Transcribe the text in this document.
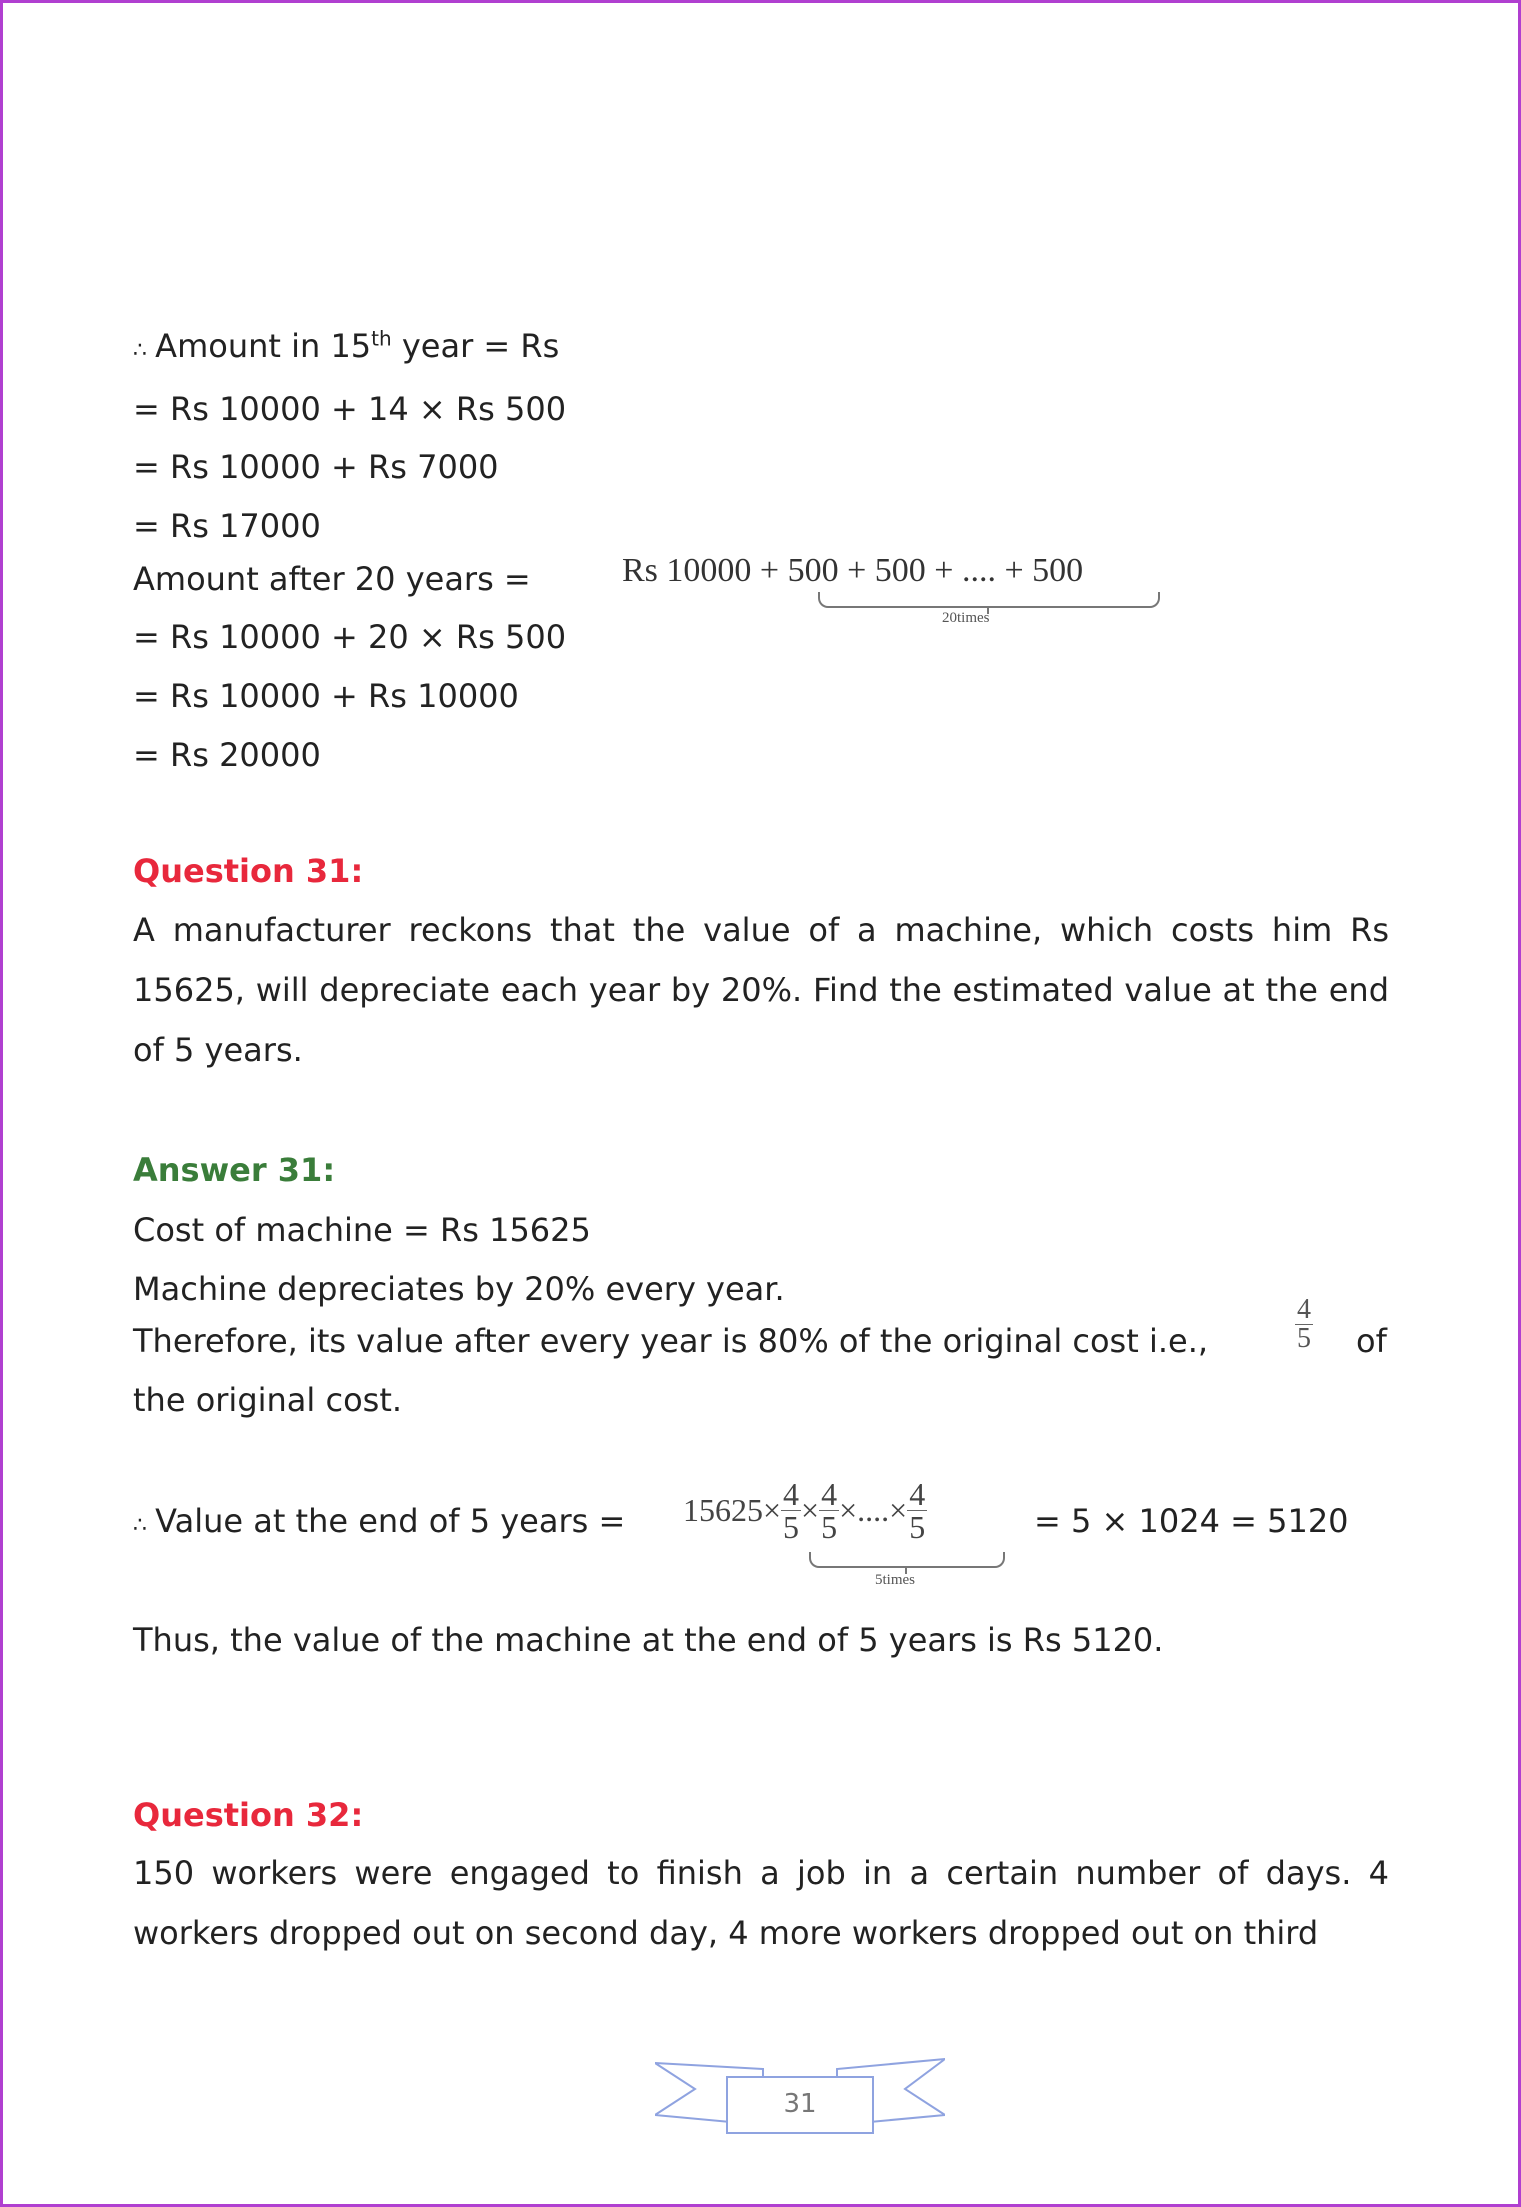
∴ Amount in 15th year = Rs
= Rs 10000 + 14 × Rs 500
= Rs 10000 + Rs 7000
= Rs 17000
Amount after 20 years =	Rs 10000 + 500 + 500 + .... + 500
20times
= Rs 10000 + 20 × Rs 500
= Rs 10000 + Rs 10000
= Rs 20000
Question 31:
A manufacturer reckons that the value of a machine, which costs him Rs 15625, will depreciate each year by 20%. Find the estimated value at the end of 5 years.
Answer 31:
Cost of machine = Rs 15625
Machine depreciates by 20% every year.
Therefore, its value after every year is 80% of the original cost i.e.,	$\frac{4}{5}$ of
the original cost.
∴ Value at the end of 5 years = $15625\times \frac{4}{5} \times \frac{4}{5}$ ×....× $\frac{4}{5}$
5times
= 5 × 1024 = 5120
Thus, the value of the machine at the end of 5 years is Rs 5120.
Question 32:
150 workers were engaged to finish a job in a certain number of days. 4 workers dropped out on second day, 4 more workers dropped out on third
31
